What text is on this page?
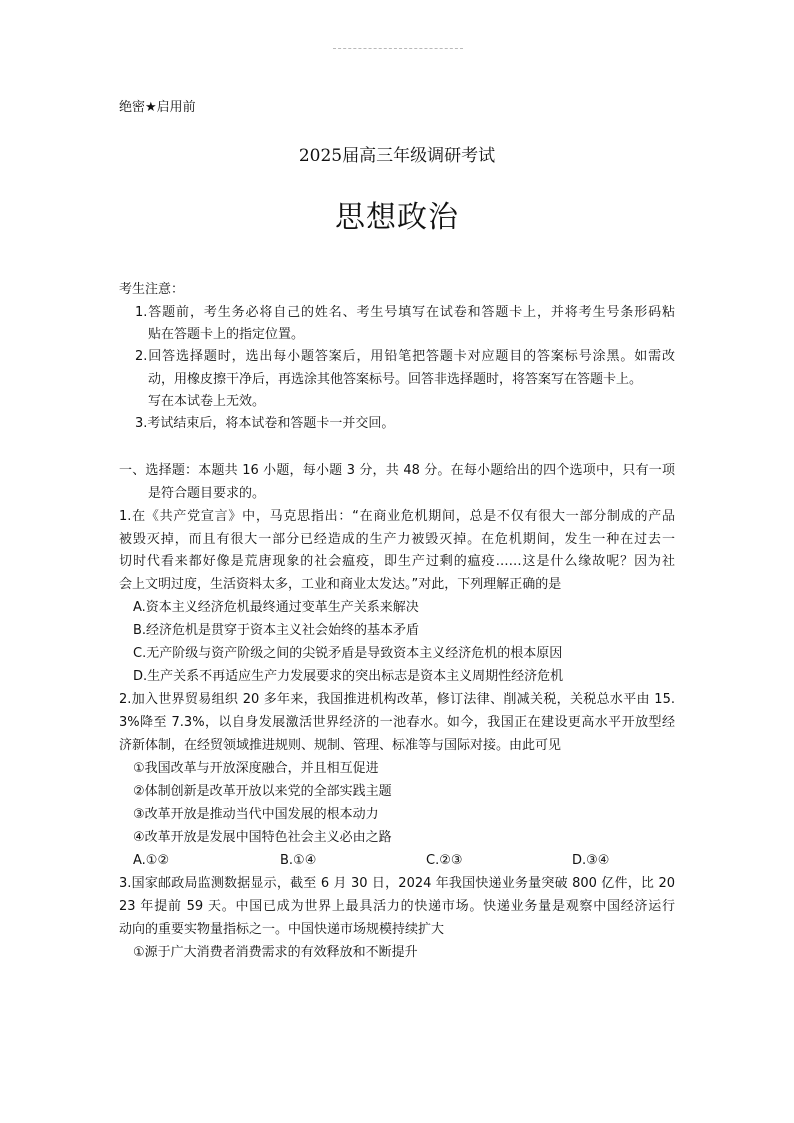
绝密★启用前
2025届高三年级调研考试
思想政治
考生注意：
1.答题前，考生务必将自己的姓名、考生号填写在试卷和答题卡上，并将考生号条形码粘
贴在答题卡上的指定位置。
2.回答选择题时，选出每小题答案后，用铅笔把答题卡对应题目的答案标号涂黑。如需改
动，用橡皮擦干净后，再选涂其他答案标号。回答非选择题时，将答案写在答题卡上。
写在本试卷上无效。
3.考试结束后，将本试卷和答题卡一并交回。
一、选择题：本题共 16 小题，每小题 3 分，共 48 分。在每小题给出的四个选项中，只有一项
是符合题目要求的。
1.在《共产党宣言》中，马克思指出：“在商业危机期间，总是不仅有很大一部分制成的产品
被毁灭掉，而且有很大一部分已经造成的生产力被毁灭掉。在危机期间，发生一种在过去一
切时代看来都好像是荒唐现象的社会瘟疫，即生产过剩的瘟疫……这是什么缘故呢？因为社
会上文明过度，生活资料太多，工业和商业太发达。”对此，下列理解正确的是
A.资本主义经济危机最终通过变革生产关系来解决
B.经济危机是贯穿于资本主义社会始终的基本矛盾
C.无产阶级与资产阶级之间的尖锐矛盾是导致资本主义经济危机的根本原因
D.生产关系不再适应生产力发展要求的突出标志是资本主义周期性经济危机
2.加入世界贸易组织 20 多年来，我国推进机构改革，修订法律、削减关税，关税总水平由 15.
3%降至 7.3%，以自身发展激活世界经济的一池春水。如今，我国正在建设更高水平开放型经
济新体制，在经贸领域推进规则、规制、管理、标准等与国际对接。由此可见
①我国改革与开放深度融合，并且相互促进
②体制创新是改革开放以来党的全部实践主题
③改革开放是推动当代中国发展的根本动力
④改革开放是发展中国特色社会主义必由之路
A.①②	B.①④	C.②③	D.③④
3.国家邮政局监测数据显示，截至 6 月 30 日，2024 年我国快递业务量突破 800 亿件，比 20
23 年提前 59 天。中国已成为世界上最具活力的快递市场。快递业务量是观察中国经济运行
动向的重要实物量指标之一。中国快递市场规模持续扩大
①源于广大消费者消费需求的有效释放和不断提升
